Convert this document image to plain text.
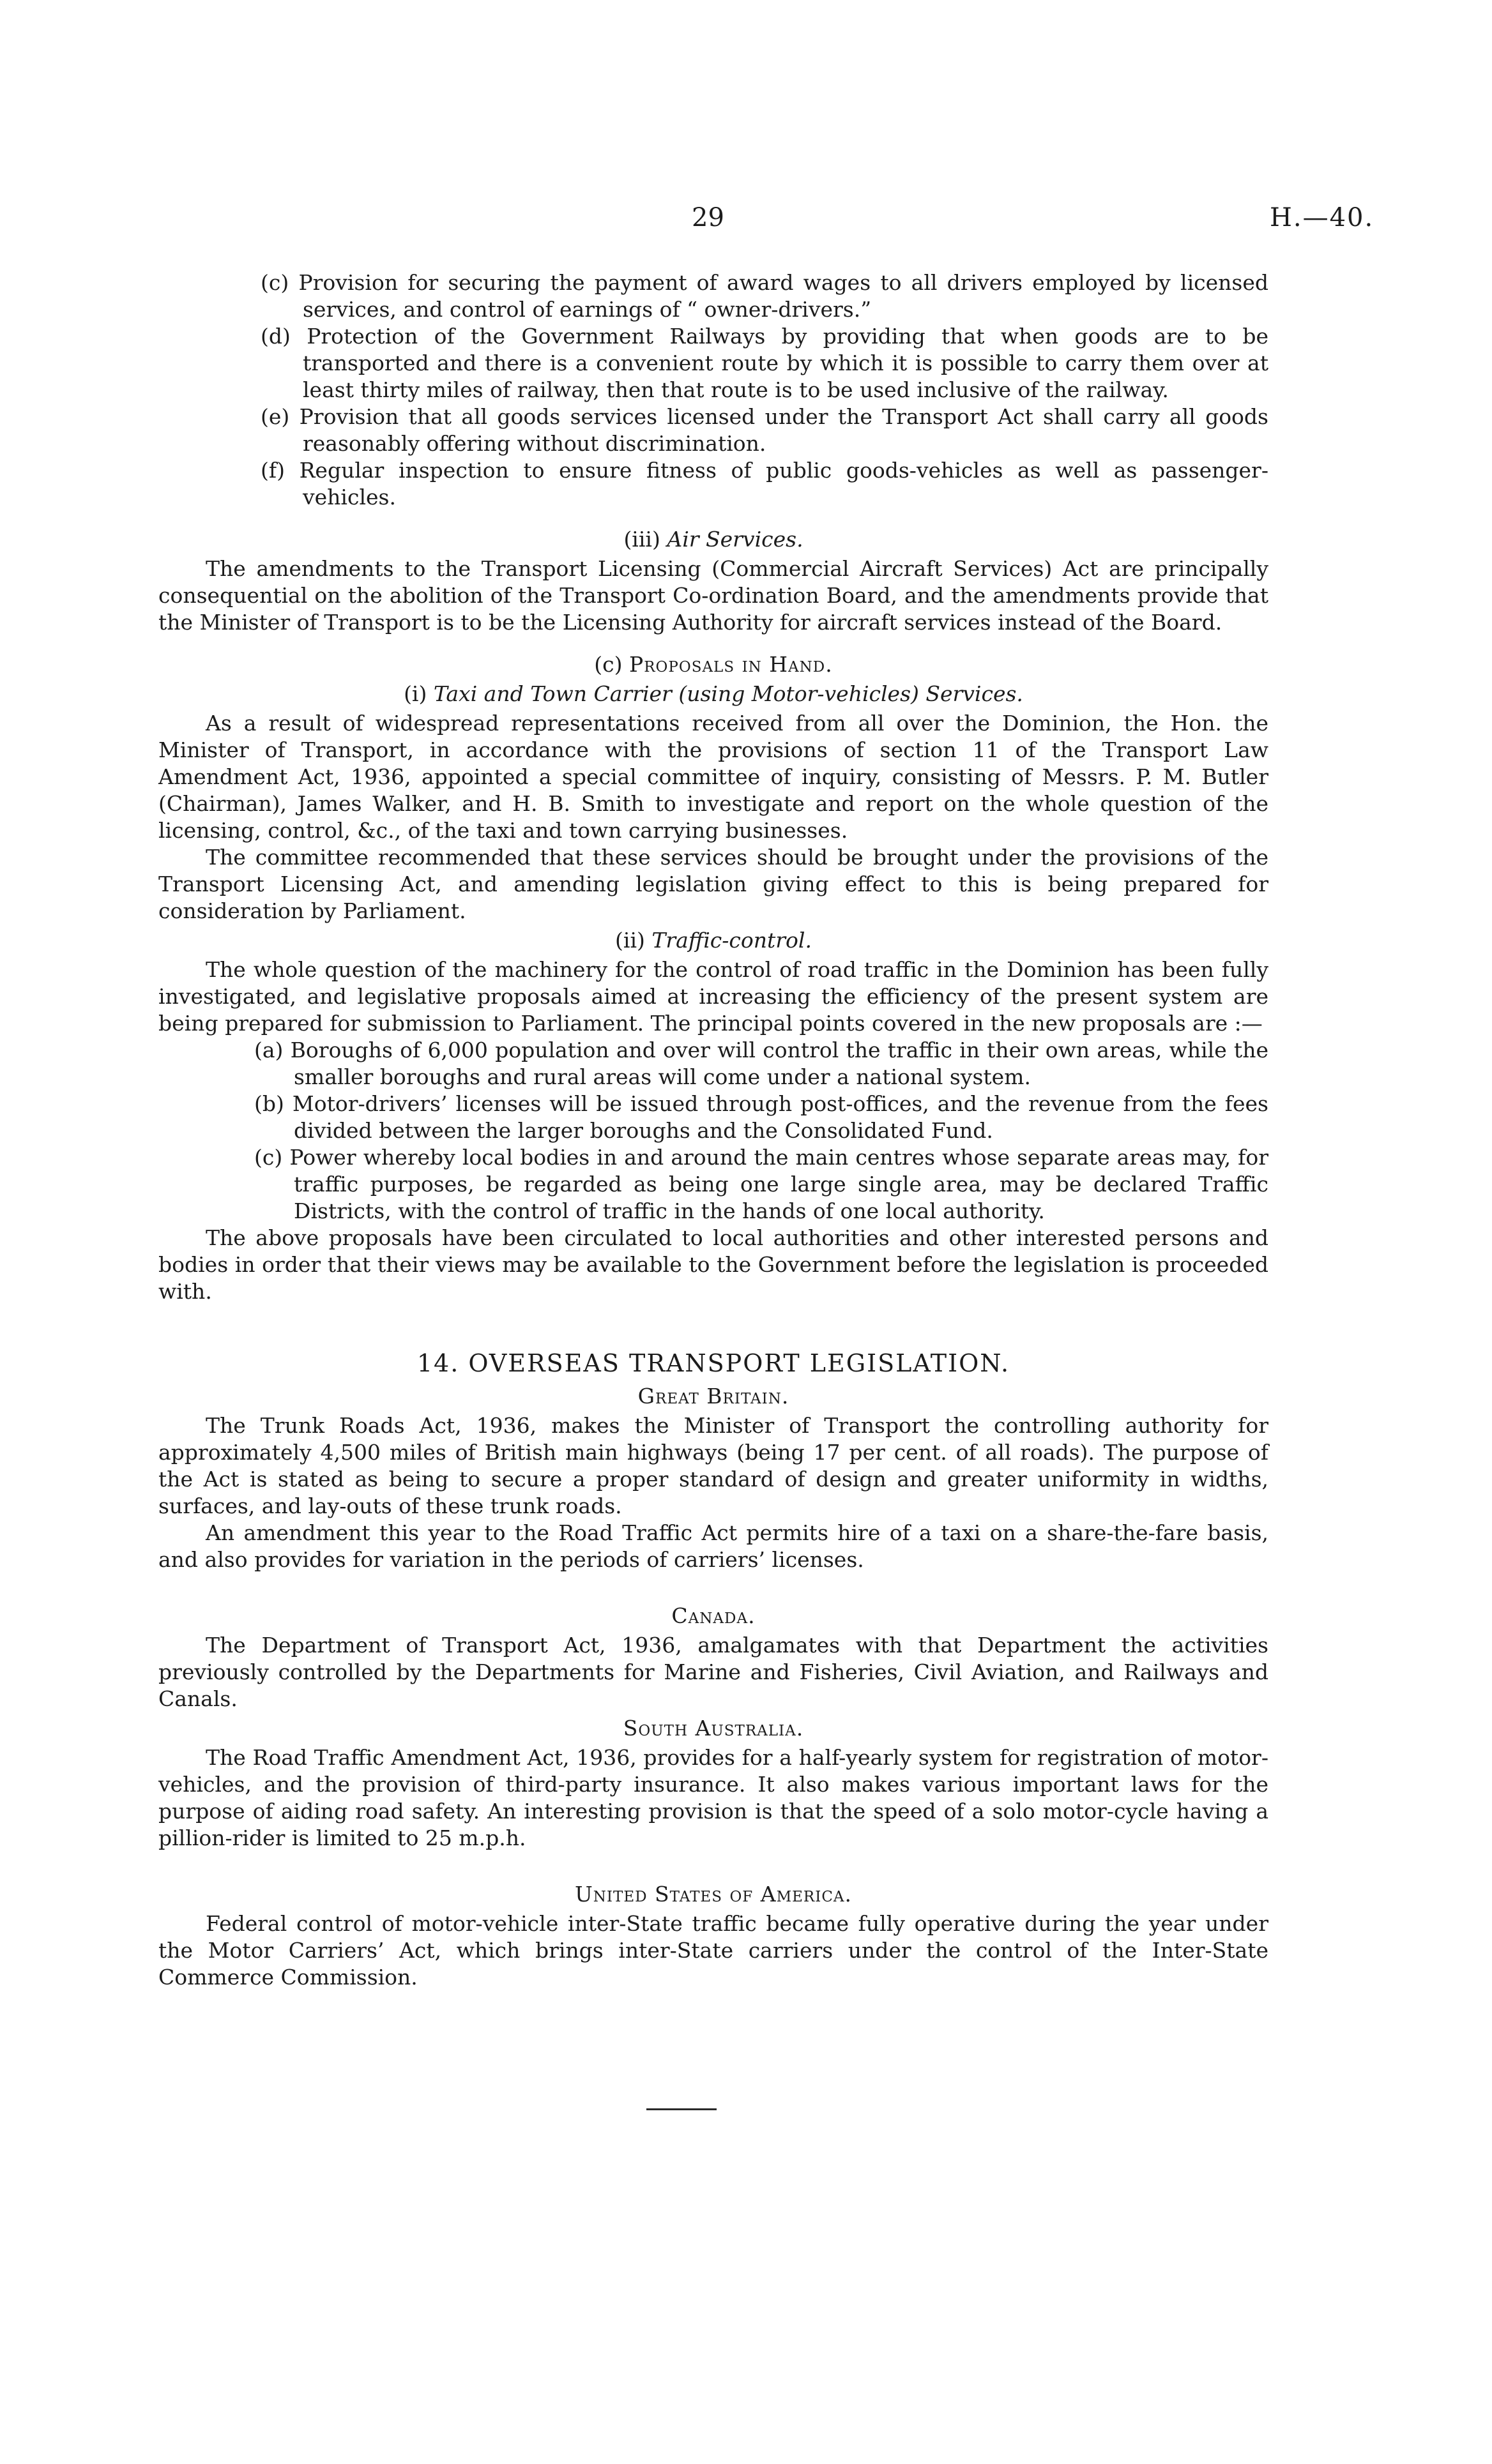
29	H.—40.
(c) Provision for securing the payment of award wages to all drivers employed by licensed services, and control of earnings of “ owner-drivers.”
(d) Protection of the Government Railways by providing that when goods are to be transported and there is a convenient route by which it is possible to carry them over at least thirty miles of railway, then that route is to be used inclusive of the railway.
(e) Provision that all goods services licensed under the Transport Act shall carry all goods reasonably offering without discrimination.
(f) Regular inspection to ensure fitness of public goods-vehicles as well as passenger-vehicles.
(iii) Air Services.

The amendments to the Transport Licensing (Commercial Aircraft Services) Act are principally consequential on the abolition of the Transport Co-ordination Board, and the amendments provide that the Minister of Transport is to be the Licensing Authority for aircraft services instead of the Board.

(c) Proposals in Hand.
(i) Taxi and Town Carrier (using Motor-vehicles) Services.

As a result of widespread representations received from all over the Dominion, the Hon. the Minister of Transport, in accordance with the provisions of section 11 of the Transport Law Amendment Act, 1936, appointed a special committee of inquiry, consisting of Messrs. P. M. Butler (Chairman), James Walker, and H. B. Smith to investigate and report on the whole question of the licensing, control, &c., of the taxi and town carrying businesses.

The committee recommended that these services should be brought under the provisions of the Transport Licensing Act, and amending legislation giving effect to this is being prepared for consideration by Parliament.

(ii) Traffic-control.

The whole question of the machinery for the control of road traffic in the Dominion has been fully investigated, and legislative proposals aimed at increasing the efficiency of the present system are being prepared for submission to Parliament. The principal points covered in the new proposals are :—

(a) Boroughs of 6,000 population and over will control the traffic in their own areas, while the smaller boroughs and rural areas will come under a national system.
(b) Motor-drivers’ licenses will be issued through post-offices, and the revenue from the fees divided between the larger boroughs and the Consolidated Fund.
(c) Power whereby local bodies in and around the main centres whose separate areas may, for traffic purposes, be regarded as being one large single area, may be declared Traffic Districts, with the control of traffic in the hands of one local authority.

The above proposals have been circulated to local authorities and other interested persons and bodies in order that their views may be available to the Government before the legislation is proceeded with.

14. OVERSEAS TRANSPORT LEGISLATION.
Great Britain.

The Trunk Roads Act, 1936, makes the Minister of Transport the controlling authority for approximately 4,500 miles of British main highways (being 17 per cent. of all roads). The purpose of the Act is stated as being to secure a proper standard of design and greater uniformity in widths, surfaces, and lay-outs of these trunk roads.

An amendment this year to the Road Traffic Act permits hire of a taxi on a share-the-fare basis, and also provides for variation in the periods of carriers’ licenses.

Canada.

The Department of Transport Act, 1936, amalgamates with that Department the activities previously controlled by the Departments for Marine and Fisheries, Civil Aviation, and Railways and Canals.

South Australia.

The Road Traffic Amendment Act, 1936, provides for a half-yearly system for registration of motor-vehicles, and the provision of third-party insurance. It also makes various important laws for the purpose of aiding road safety. An interesting provision is that the speed of a solo motor-cycle having a pillion-rider is limited to 25 m.p.h.

United States of America.

Federal control of motor-vehicle inter-State traffic became fully operative during the year under the Motor Carriers’ Act, which brings inter-State carriers under the control of the Inter-State Commerce Commission.
